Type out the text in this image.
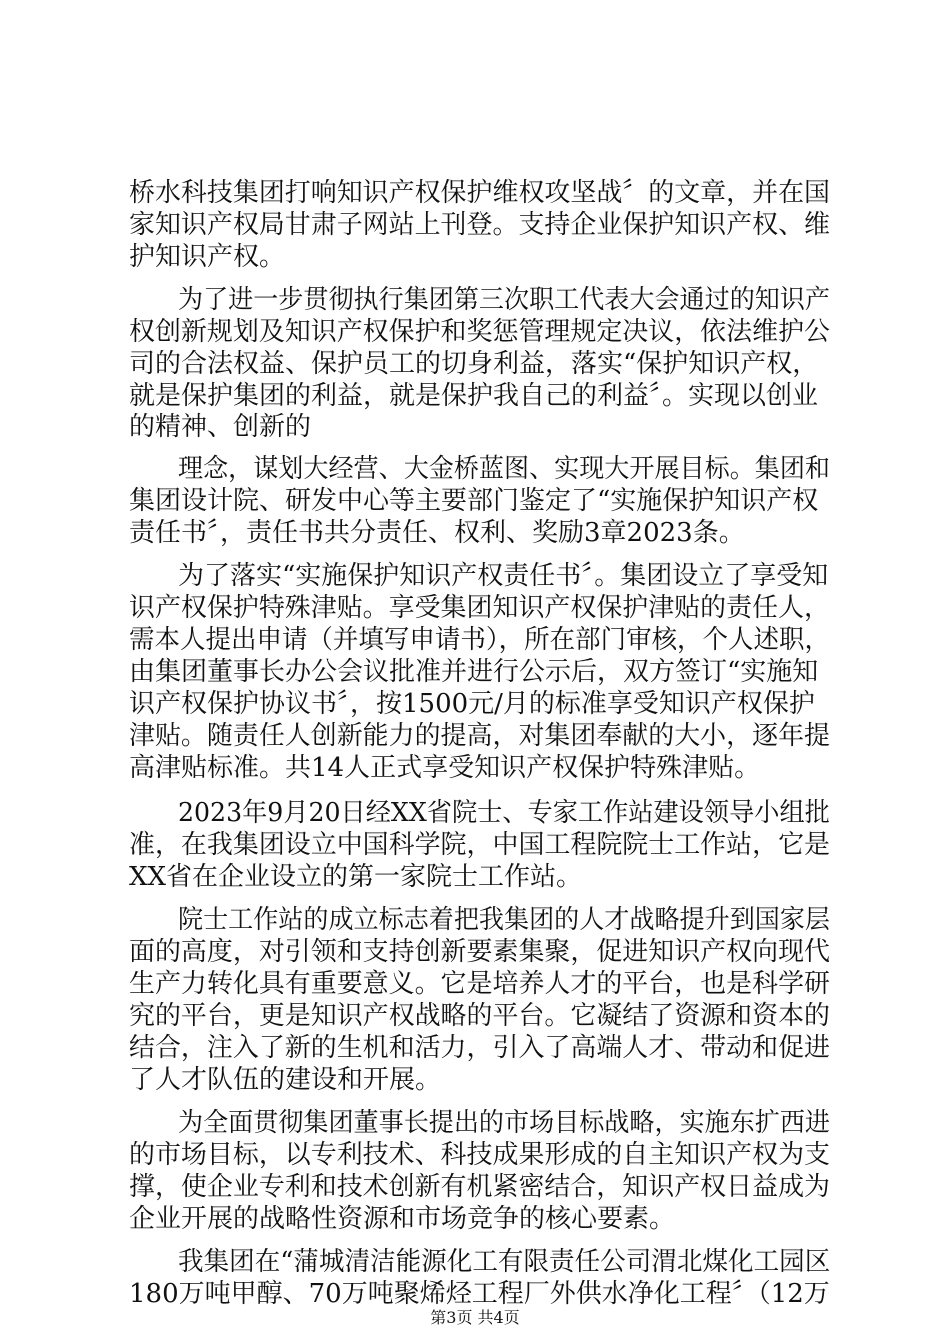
桥水科技集团打响知识产权保护维权攻坚战〞的文章，并在国

家知识产权局甘肃子网站上刊登。支持企业保护知识产权、维

护知识产权。

为了进一步贯彻执行集团第三次职工代表大会通过的知识产

权创新规划及知识产权保护和奖惩管理规定决议，依法维护公

司的合法权益、保护员工的切身利益，落实“保护知识产权，

就是保护集团的利益，就是保护我自己的利益〞。实现以创业

的精神、创新的

理念，谋划大经营、大金桥蓝图、实现大开展目标。集团和

集团设计院、研发中心等主要部门鉴定了“实施保护知识产权

责任书〞，责任书共分责任、权利、奖励3章2023条。

为了落实“实施保护知识产权责任书〞。集团设立了享受知

识产权保护特殊津贴。享受集团知识产权保护津贴的责任人，

需本人提出申请（并填写申请书），所在部门审核，个人述职，

由集团董事长办公会议批准并进行公示后，双方签订“实施知

识产权保护协议书〞，按1500元/月的标准享受知识产权保护

津贴。随责任人创新能力的提高，对集团奉献的大小，逐年提

高津贴标准。共14人正式享受知识产权保护特殊津贴。

2023年9月20日经XX省院士、专家工作站建设领导小组批

准，在我集团设立中国科学院，中国工程院院士工作站，它是

XX省在企业设立的第一家院士工作站。

院士工作站的成立标志着把我集团的人才战略提升到国家层

面的高度，对引领和支持创新要素集聚，促进知识产权向现代

生产力转化具有重要意义。它是培养人才的平台，也是科学研

究的平台，更是知识产权战略的平台。它凝结了资源和资本的

结合，注入了新的生机和活力，引入了高端人才、带动和促进

了人才队伍的建设和开展。

为全面贯彻集团董事长提出的市场目标战略，实施东扩西进

的市场目标，以专利技术、科技成果形成的自主知识产权为支

撑，使企业专利和技术创新有机紧密结合，知识产权日益成为

企业开展的战略性资源和市场竞争的核心要素。

我集团在“蒲城清洁能源化工有限责任公司渭北煤化工园区

180万吨甲醇、70万吨聚烯烃工程厂外供水净化工程〞（12万

第3页 共4页
